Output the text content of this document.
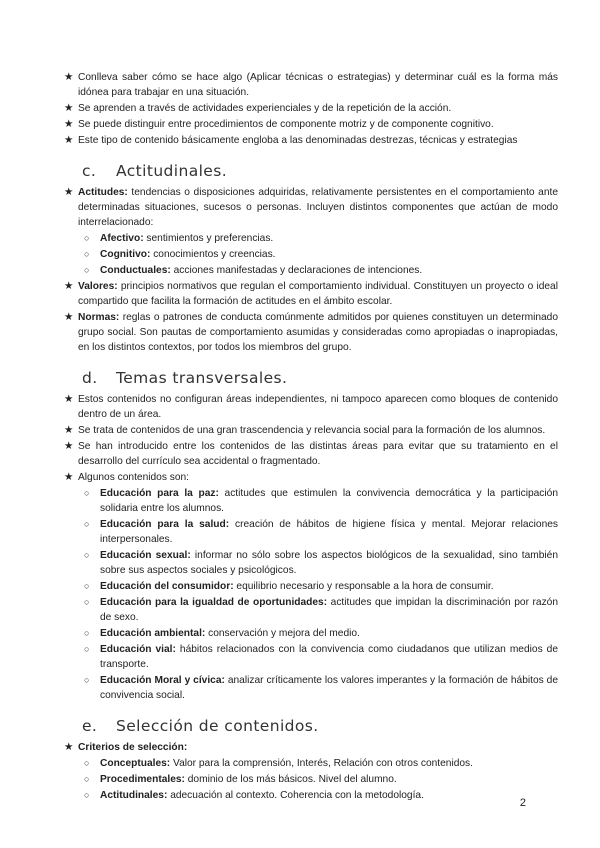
★ Conlleva saber cómo se hace algo (Aplicar técnicas o estrategias) y determinar cuál es la forma más idónea para trabajar en una situación.
★ Se aprenden a través de actividades experienciales y de la repetición de la acción.
★ Se puede distinguir entre procedimientos de componente motriz y de componente cognitivo.
★ Este tipo de contenido básicamente engloba a las denominadas destrezas, técnicas y estrategias
c. Actitudinales.
★ Actitudes: tendencias o disposiciones adquiridas, relativamente persistentes en el comportamiento ante determinadas situaciones, sucesos o personas. Incluyen distintos componentes que actúan de modo interrelacionado:
○ Afectivo: sentimientos y preferencias.
○ Cognitivo: conocimientos y creencias.
○ Conductuales: acciones manifestadas y declaraciones de intenciones.
★ Valores: principios normativos que regulan el comportamiento individual. Constituyen un proyecto o ideal compartido que facilita la formación de actitudes en el ámbito escolar.
★ Normas: reglas o patrones de conducta comúnmente admitidos por quienes constituyen un determinado grupo social. Son pautas de comportamiento asumidas y consideradas como apropiadas o inapropiadas, en los distintos contextos, por todos los miembros del grupo.
d. Temas transversales.
★ Estos contenidos no configuran áreas independientes, ni tampoco aparecen como bloques de contenido dentro de un área.
★ Se trata de contenidos de una gran trascendencia y relevancia social para la formación de los alumnos.
★ Se han introducido entre los contenidos de las distintas áreas para evitar que su tratamiento en el desarrollo del currículo sea accidental o fragmentado.
★ Algunos contenidos son:
○ Educación para la paz: actitudes que estimulen la convivencia democrática y la participación solidaria entre los alumnos.
○ Educación para la salud: creación de hábitos de higiene física y mental. Mejorar relaciones interpersonales.
○ Educación sexual: informar no sólo sobre los aspectos biológicos de la sexualidad, sino también sobre sus aspectos sociales y psicológicos.
○ Educación del consumidor: equilibrio necesario y responsable a la hora de consumir.
○ Educación para la igualdad de oportunidades: actitudes que impidan la discriminación por razón de sexo.
○ Educación ambiental: conservación y mejora del medio.
○ Educación vial: hábitos relacionados con la convivencia como ciudadanos que utilizan medios de transporte.
○ Educación Moral y cívica: analizar críticamente los valores imperantes y la formación de hábitos de convivencia social.
e. Selección de contenidos.
★ Criterios de selección:
○ Conceptuales: Valor para la comprensión, Interés, Relación con otros contenidos.
○ Procedimentales: dominio de los más básicos. Nivel del alumno.
○ Actitudinales: adecuación al contexto. Coherencia con la metodología.
2
